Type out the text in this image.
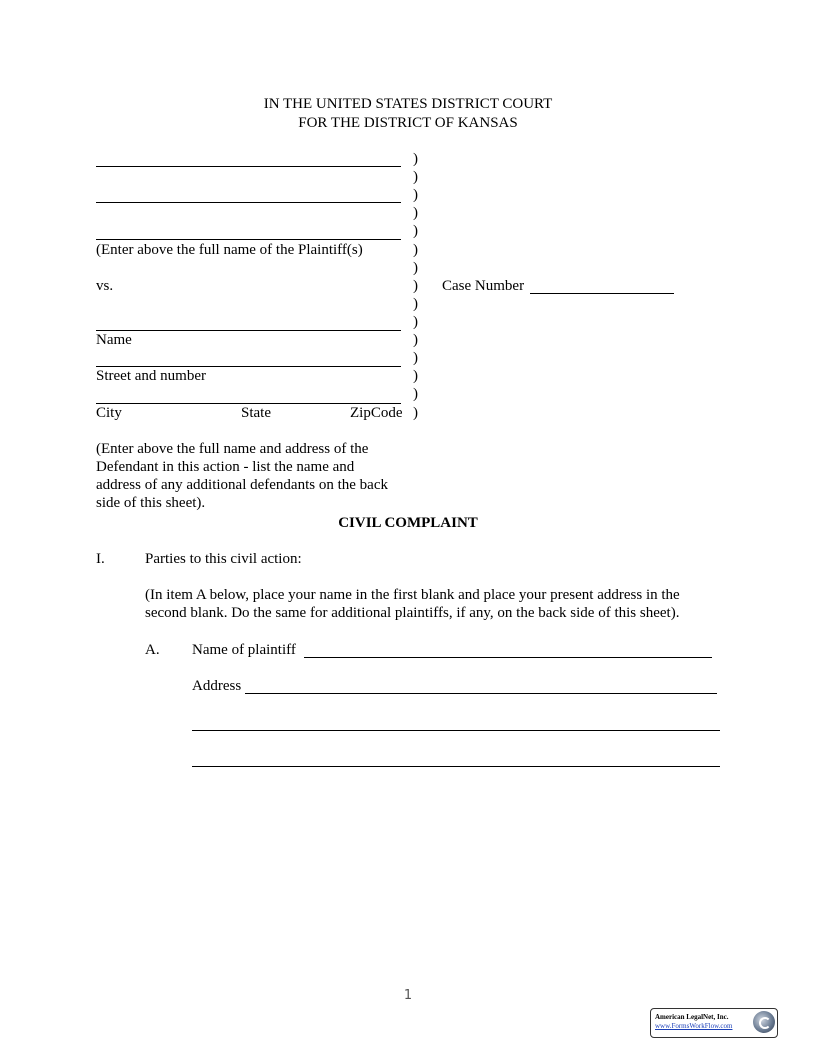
IN THE UNITED STATES DISTRICT COURT
FOR THE DISTRICT OF KANSAS
(Enter above the full name of the Plaintiff(s)
vs.	Case Number
Name
Street and number
City	State	ZipCode
)
)
)
)
)
)
)
)
)
)
)
)
)
)
)
(Enter above the full name and address of the
Defendant in this action - list the name and
address of any additional defendants on the back
side of this sheet).
CIVIL COMPLAINT
I.	Parties to this civil action:
(In item A below, place your name in the first blank and place your present address in the
second blank. Do the same for additional plaintiffs, if any, on the back side of this sheet).
A. Name of plaintiff
Address
1
American LegalNet, Inc.
www.FormsWorkFlow.com
